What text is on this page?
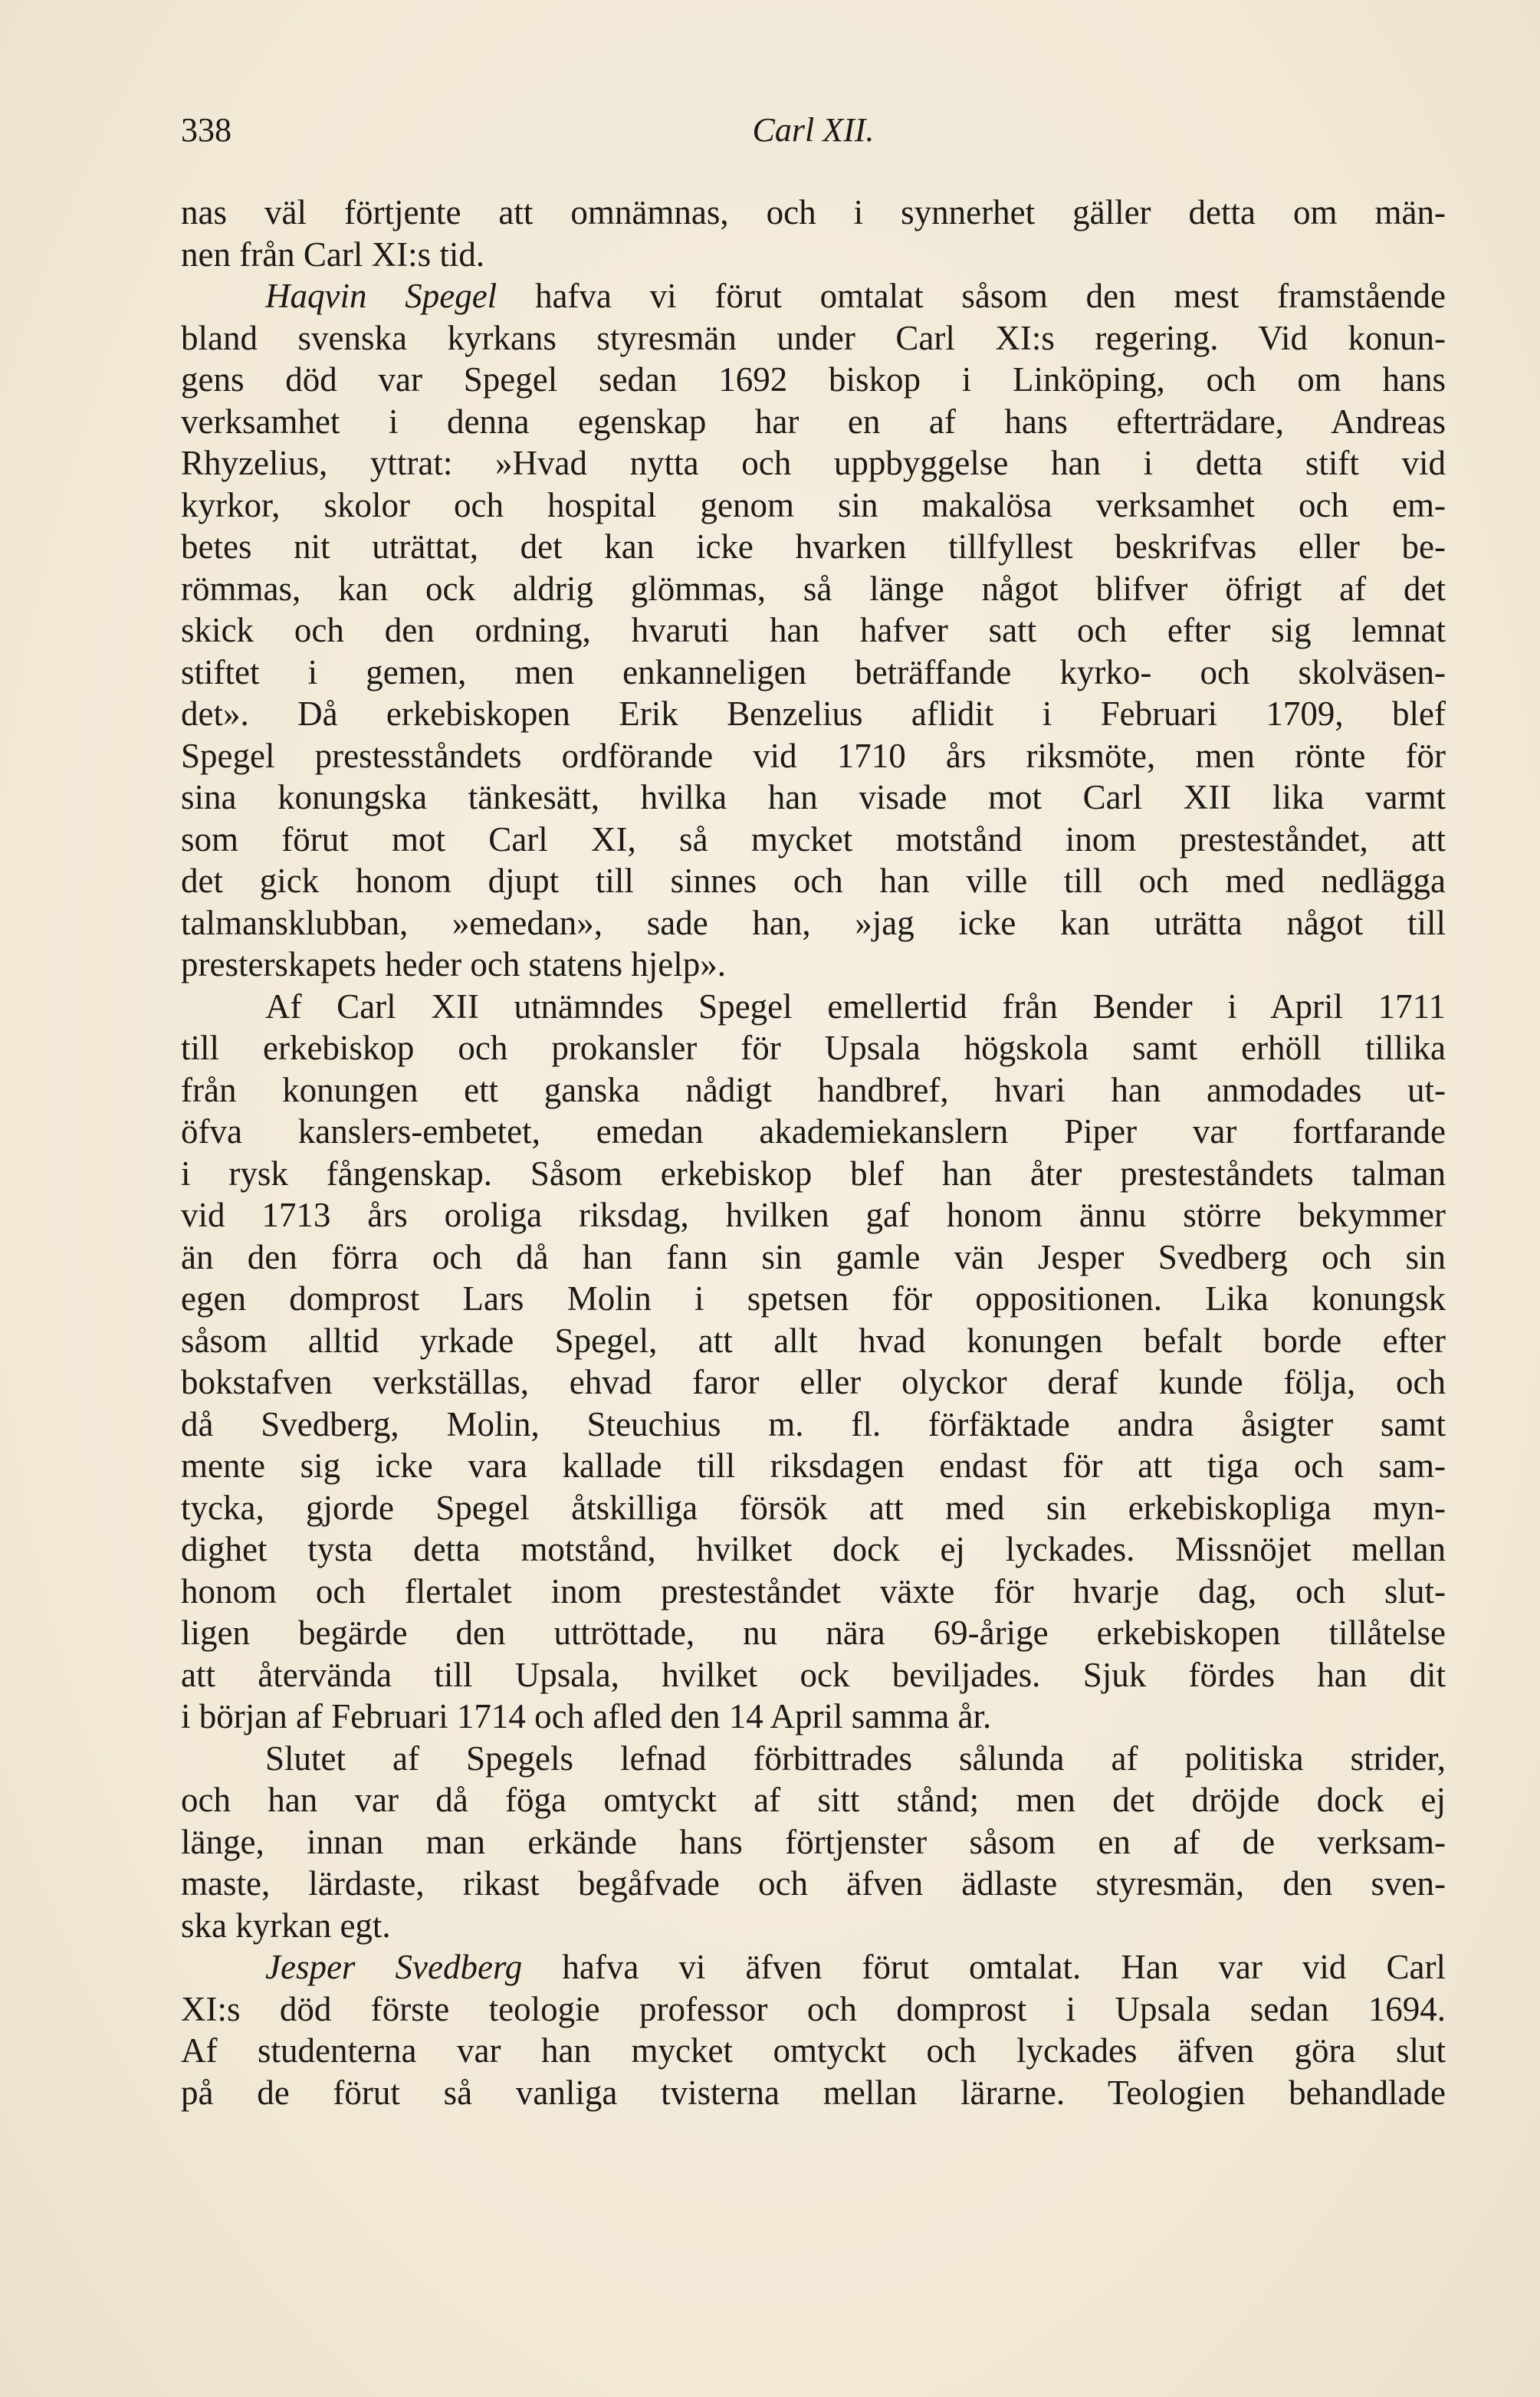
338	Carl XII.
nas väl förtjente att omnämnas, och i synnerhet gäller detta om män-
nen från Carl XI:s tid.
Haqvin Spegel hafva vi förut omtalat såsom den mest framstående
bland svenska kyrkans styresmän under Carl XI:s regering. Vid konun-
gens död var Spegel sedan 1692 biskop i Linköping, och om hans
verksamhet i denna egenskap har en af hans efterträdare, Andreas
Rhyzelius, yttrat: »Hvad nytta och uppbyggelse han i detta stift vid
kyrkor, skolor och hospital genom sin makalösa verksamhet och em-
betes nit uträttat, det kan icke hvarken tillfyllest beskrifvas eller be-
römmas, kan ock aldrig glömmas, så länge något blifver öfrigt af det
skick och den ordning, hvaruti han hafver satt och efter sig lemnat
stiftet i gemen, men enkanneligen beträffande kyrko- och skolväsen-
det». Då erkebiskopen Erik Benzelius aflidit i Februari 1709, blef
Spegel prestesståndets ordförande vid 1710 års riksmöte, men rönte för
sina konungska tänkesätt, hvilka han visade mot Carl XII lika varmt
som förut mot Carl XI, så mycket motstånd inom presteståndet, att
det gick honom djupt till sinnes och han ville till och med nedlägga
talmansklubban, »emedan», sade han, »jag icke kan uträtta något till
presterskapets heder och statens hjelp».
Af Carl XII utnämndes Spegel emellertid från Bender i April 1711
till erkebiskop och prokansler för Upsala högskola samt erhöll tillika
från konungen ett ganska nådigt handbref, hvari han anmodades ut-
öfva kanslers-embetet, emedan akademiekanslern Piper var fortfarande
i rysk fångenskap. Såsom erkebiskop blef han åter presteståndets talman
vid 1713 års oroliga riksdag, hvilken gaf honom ännu större bekymmer
än den förra och då han fann sin gamle vän Jesper Svedberg och sin
egen domprost Lars Molin i spetsen för oppositionen. Lika konungsk
såsom alltid yrkade Spegel, att allt hvad konungen befalt borde efter
bokstafven verkställas, ehvad faror eller olyckor deraf kunde följa, och
då Svedberg, Molin, Steuchius m. fl. förfäktade andra åsigter samt
mente sig icke vara kallade till riksdagen endast för att tiga och sam-
tycka, gjorde Spegel åtskilliga försök att med sin erkebiskopliga myn-
dighet tysta detta motstånd, hvilket dock ej lyckades. Missnöjet mellan
honom och flertalet inom presteståndet växte för hvarje dag, och slut-
ligen begärde den uttröttade, nu nära 69-årige erkebiskopen tillåtelse
att återvända till Upsala, hvilket ock beviljades. Sjuk fördes han dit
i början af Februari 1714 och afled den 14 April samma år.
Slutet af Spegels lefnad förbittrades sålunda af politiska strider,
och han var då föga omtyckt af sitt stånd; men det dröjde dock ej
länge, innan man erkände hans förtjenster såsom en af de verksam-
maste, lärdaste, rikast begåfvade och äfven ädlaste styresmän, den sven-
ska kyrkan egt.
Jesper Svedberg hafva vi äfven förut omtalat. Han var vid Carl
XI:s död förste teologie professor och domprost i Upsala sedan 1694.
Af studenterna var han mycket omtyckt och lyckades äfven göra slut
på de förut så vanliga tvisterna mellan lärarne. Teologien behandlade
